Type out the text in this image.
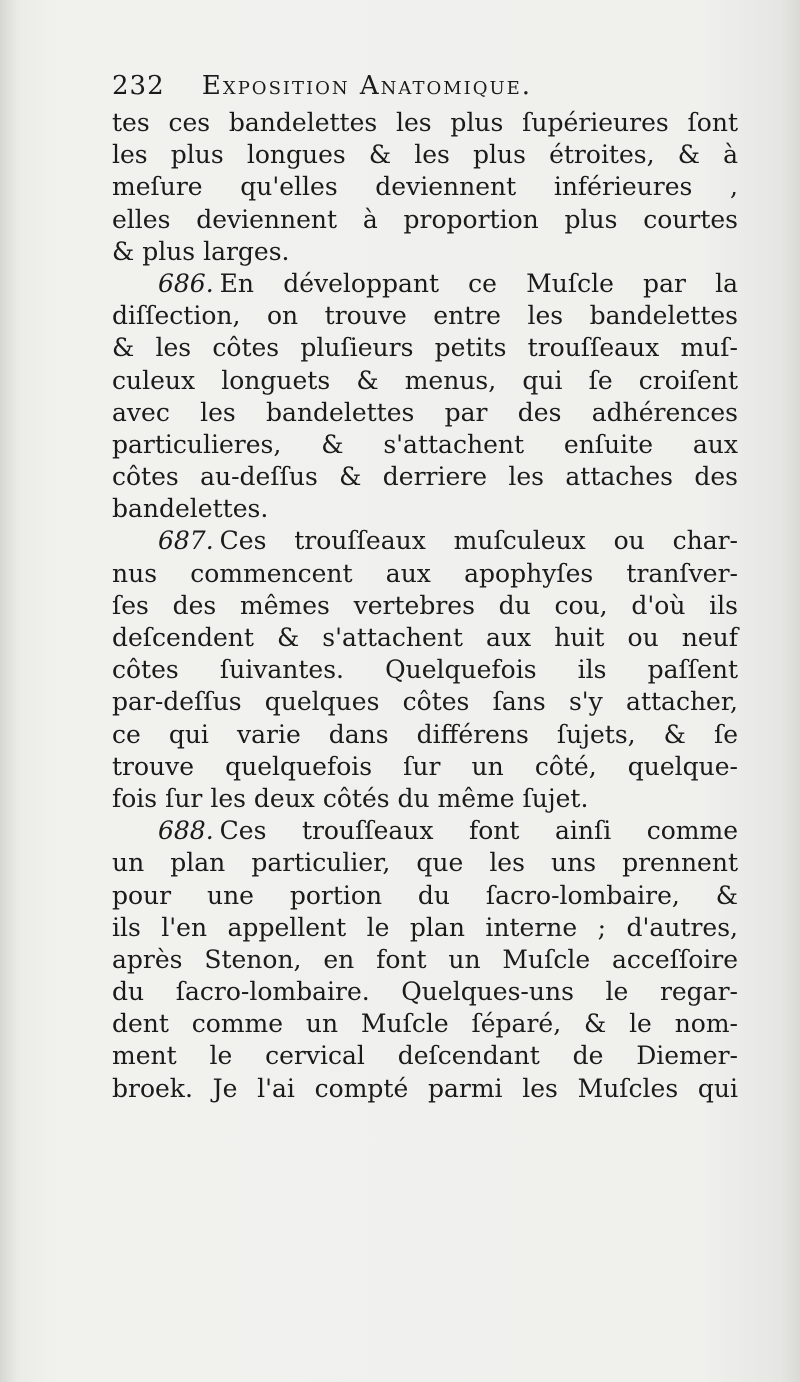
232 Exposition Anatomique.
tes ces bandelettes les plus ſupérieures ſont
les plus longues & les plus étroites, & à
meſure qu'elles deviennent inférieures ,
elles deviennent à proportion plus courtes
& plus larges.
686. En développant ce Muſcle par la
diſſection, on trouve entre les bandelettes
& les côtes pluſieurs petits trouſſeaux muſ-
culeux longuets & menus, qui ſe croiſent
avec les bandelettes par des adhérences
particulieres, & s'attachent enſuite aux
côtes au-deſſus & derriere les attaches des
bandelettes.
687. Ces trouſſeaux muſculeux ou char-
nus commencent aux apophyſes tranſver-
ſes des mêmes vertebres du cou, d'où ils
deſcendent & s'attachent aux huit ou neuf
côtes ſuivantes. Quelquefois ils paſſent
par-deſſus quelques côtes ſans s'y attacher,
ce qui varie dans différens ſujets, & ſe
trouve quelquefois ſur un côté, quelque-
fois ſur les deux côtés du même ſujet.
688. Ces trouſſeaux font ainſi comme
un plan particulier, que les uns prennent
pour une portion du ſacro-lombaire, &
ils l'en appellent le plan interne ; d'autres,
après Stenon, en font un Muſcle acceſſoire
du ſacro-lombaire. Quelques-uns le regar-
dent comme un Muſcle ſéparé, & le nom-
ment le cervical deſcendant de Diemer-
broek. Je l'ai compté parmi les Muſcles qui
